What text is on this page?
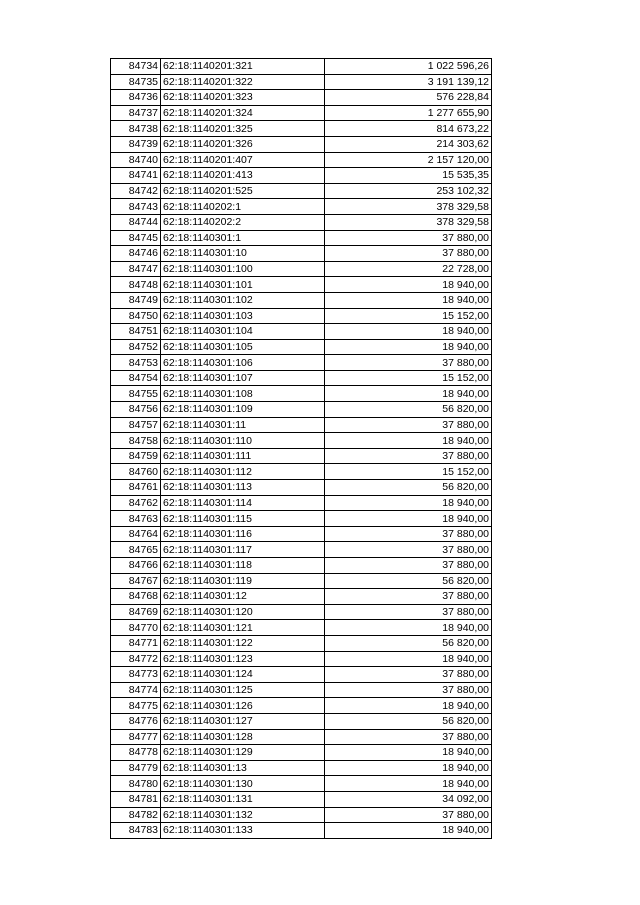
84734	62:18:1140201:321	1 022 596,26
84735	62:18:1140201:322	3 191 139,12
84736	62:18:1140201:323	576 228,84
84737	62:18:1140201:324	1 277 655,90
84738	62:18:1140201:325	814 673,22
84739	62:18:1140201:326	214 303,62
84740	62:18:1140201:407	2 157 120,00
84741	62:18:1140201:413	15 535,35
84742	62:18:1140201:525	253 102,32
84743	62:18:1140202:1	378 329,58
84744	62:18:1140202:2	378 329,58
84745	62:18:1140301:1	37 880,00
84746	62:18:1140301:10	37 880,00
84747	62:18:1140301:100	22 728,00
84748	62:18:1140301:101	18 940,00
84749	62:18:1140301:102	18 940,00
84750	62:18:1140301:103	15 152,00
84751	62:18:1140301:104	18 940,00
84752	62:18:1140301:105	18 940,00
84753	62:18:1140301:106	37 880,00
84754	62:18:1140301:107	15 152,00
84755	62:18:1140301:108	18 940,00
84756	62:18:1140301:109	56 820,00
84757	62:18:1140301:11	37 880,00
84758	62:18:1140301:110	18 940,00
84759	62:18:1140301:111	37 880,00
84760	62:18:1140301:112	15 152,00
84761	62:18:1140301:113	56 820,00
84762	62:18:1140301:114	18 940,00
84763	62:18:1140301:115	18 940,00
84764	62:18:1140301:116	37 880,00
84765	62:18:1140301:117	37 880,00
84766	62:18:1140301:118	37 880,00
84767	62:18:1140301:119	56 820,00
84768	62:18:1140301:12	37 880,00
84769	62:18:1140301:120	37 880,00
84770	62:18:1140301:121	18 940,00
84771	62:18:1140301:122	56 820,00
84772	62:18:1140301:123	18 940,00
84773	62:18:1140301:124	37 880,00
84774	62:18:1140301:125	37 880,00
84775	62:18:1140301:126	18 940,00
84776	62:18:1140301:127	56 820,00
84777	62:18:1140301:128	37 880,00
84778	62:18:1140301:129	18 940,00
84779	62:18:1140301:13	18 940,00
84780	62:18:1140301:130	18 940,00
84781	62:18:1140301:131	34 092,00
84782	62:18:1140301:132	37 880,00
84783	62:18:1140301:133	18 940,00
